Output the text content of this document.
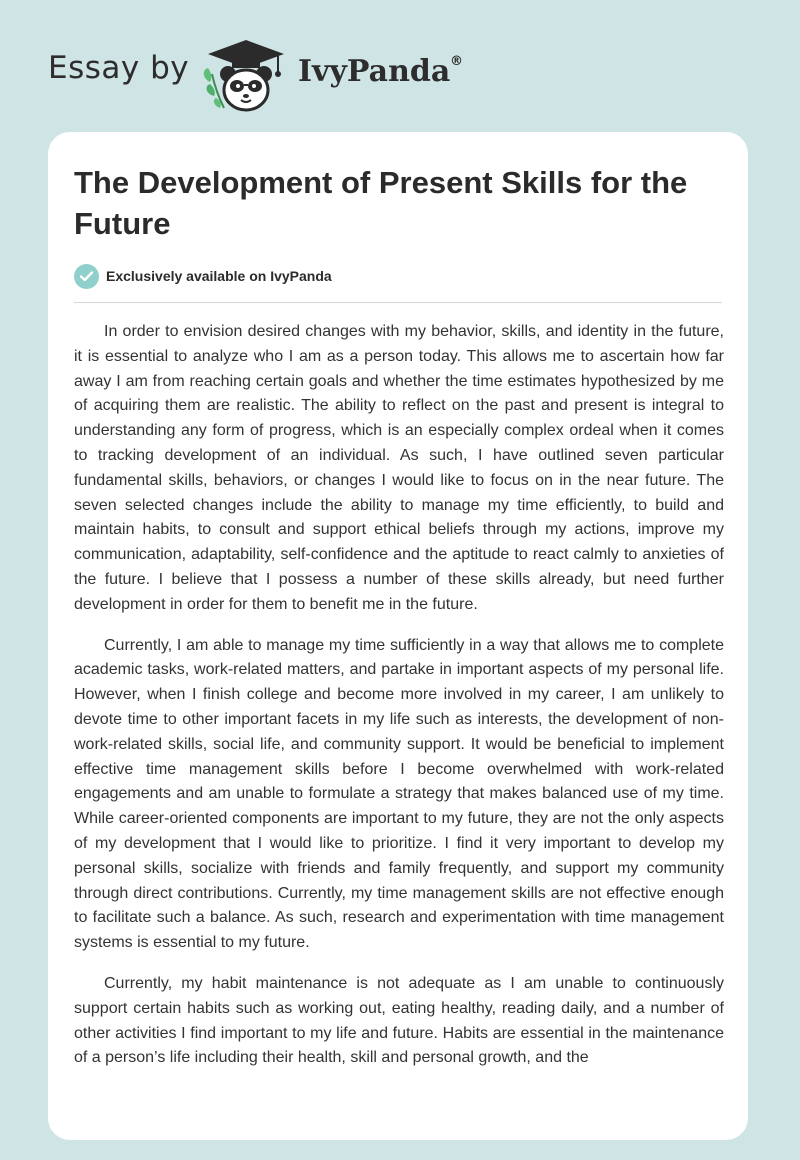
Essay by	IvyPanda ®
The Development of Present Skills for the Future
Exclusively available on IvyPanda

In order to envision desired changes with my behavior, skills, and identity in the future, it is essential to analyze who I am as a person today. This allows me to ascertain how far away I am from reaching certain goals and whether the time estimates hypothesized by me of acquiring them are realistic. The ability to reflect on the past and present is integral to understanding any form of progress, which is an especially complex ordeal when it comes to tracking development of an individual. As such, I have outlined seven particular fundamental skills, behaviors, or changes I would like to focus on in the near future. The seven selected changes include the ability to manage my time efficiently, to build and maintain habits, to consult and support ethical beliefs through my actions, improve my communication, adaptability, self-confidence and the aptitude to react calmly to anxieties of the future. I believe that I possess a number of these skills already, but need further development in order for them to benefit me in the future.

Currently, I am able to manage my time sufficiently in a way that allows me to complete academic tasks, work-related matters, and partake in important aspects of my personal life. However, when I finish college and become more involved in my career, I am unlikely to devote time to other important facets in my life such as interests, the development of non-work-related skills, social life, and community support. It would be beneficial to implement effective time management skills before I become overwhelmed with work-related engagements and am unable to formulate a strategy that makes balanced use of my time. While career-oriented components are important to my future, they are not the only aspects of my development that I would like to prioritize. I find it very important to develop my personal skills, socialize with friends and family frequently, and support my community through direct contributions. Currently, my time management skills are not effective enough to facilitate such a balance. As such, research and experimentation with time management systems is essential to my future.

Currently, my habit maintenance is not adequate as I am unable to continuously support certain habits such as working out, eating healthy, reading daily, and a number of other activities I find important to my life and future. Habits are essential in the maintenance of a person’s life including their health, skill and personal growth, and the
